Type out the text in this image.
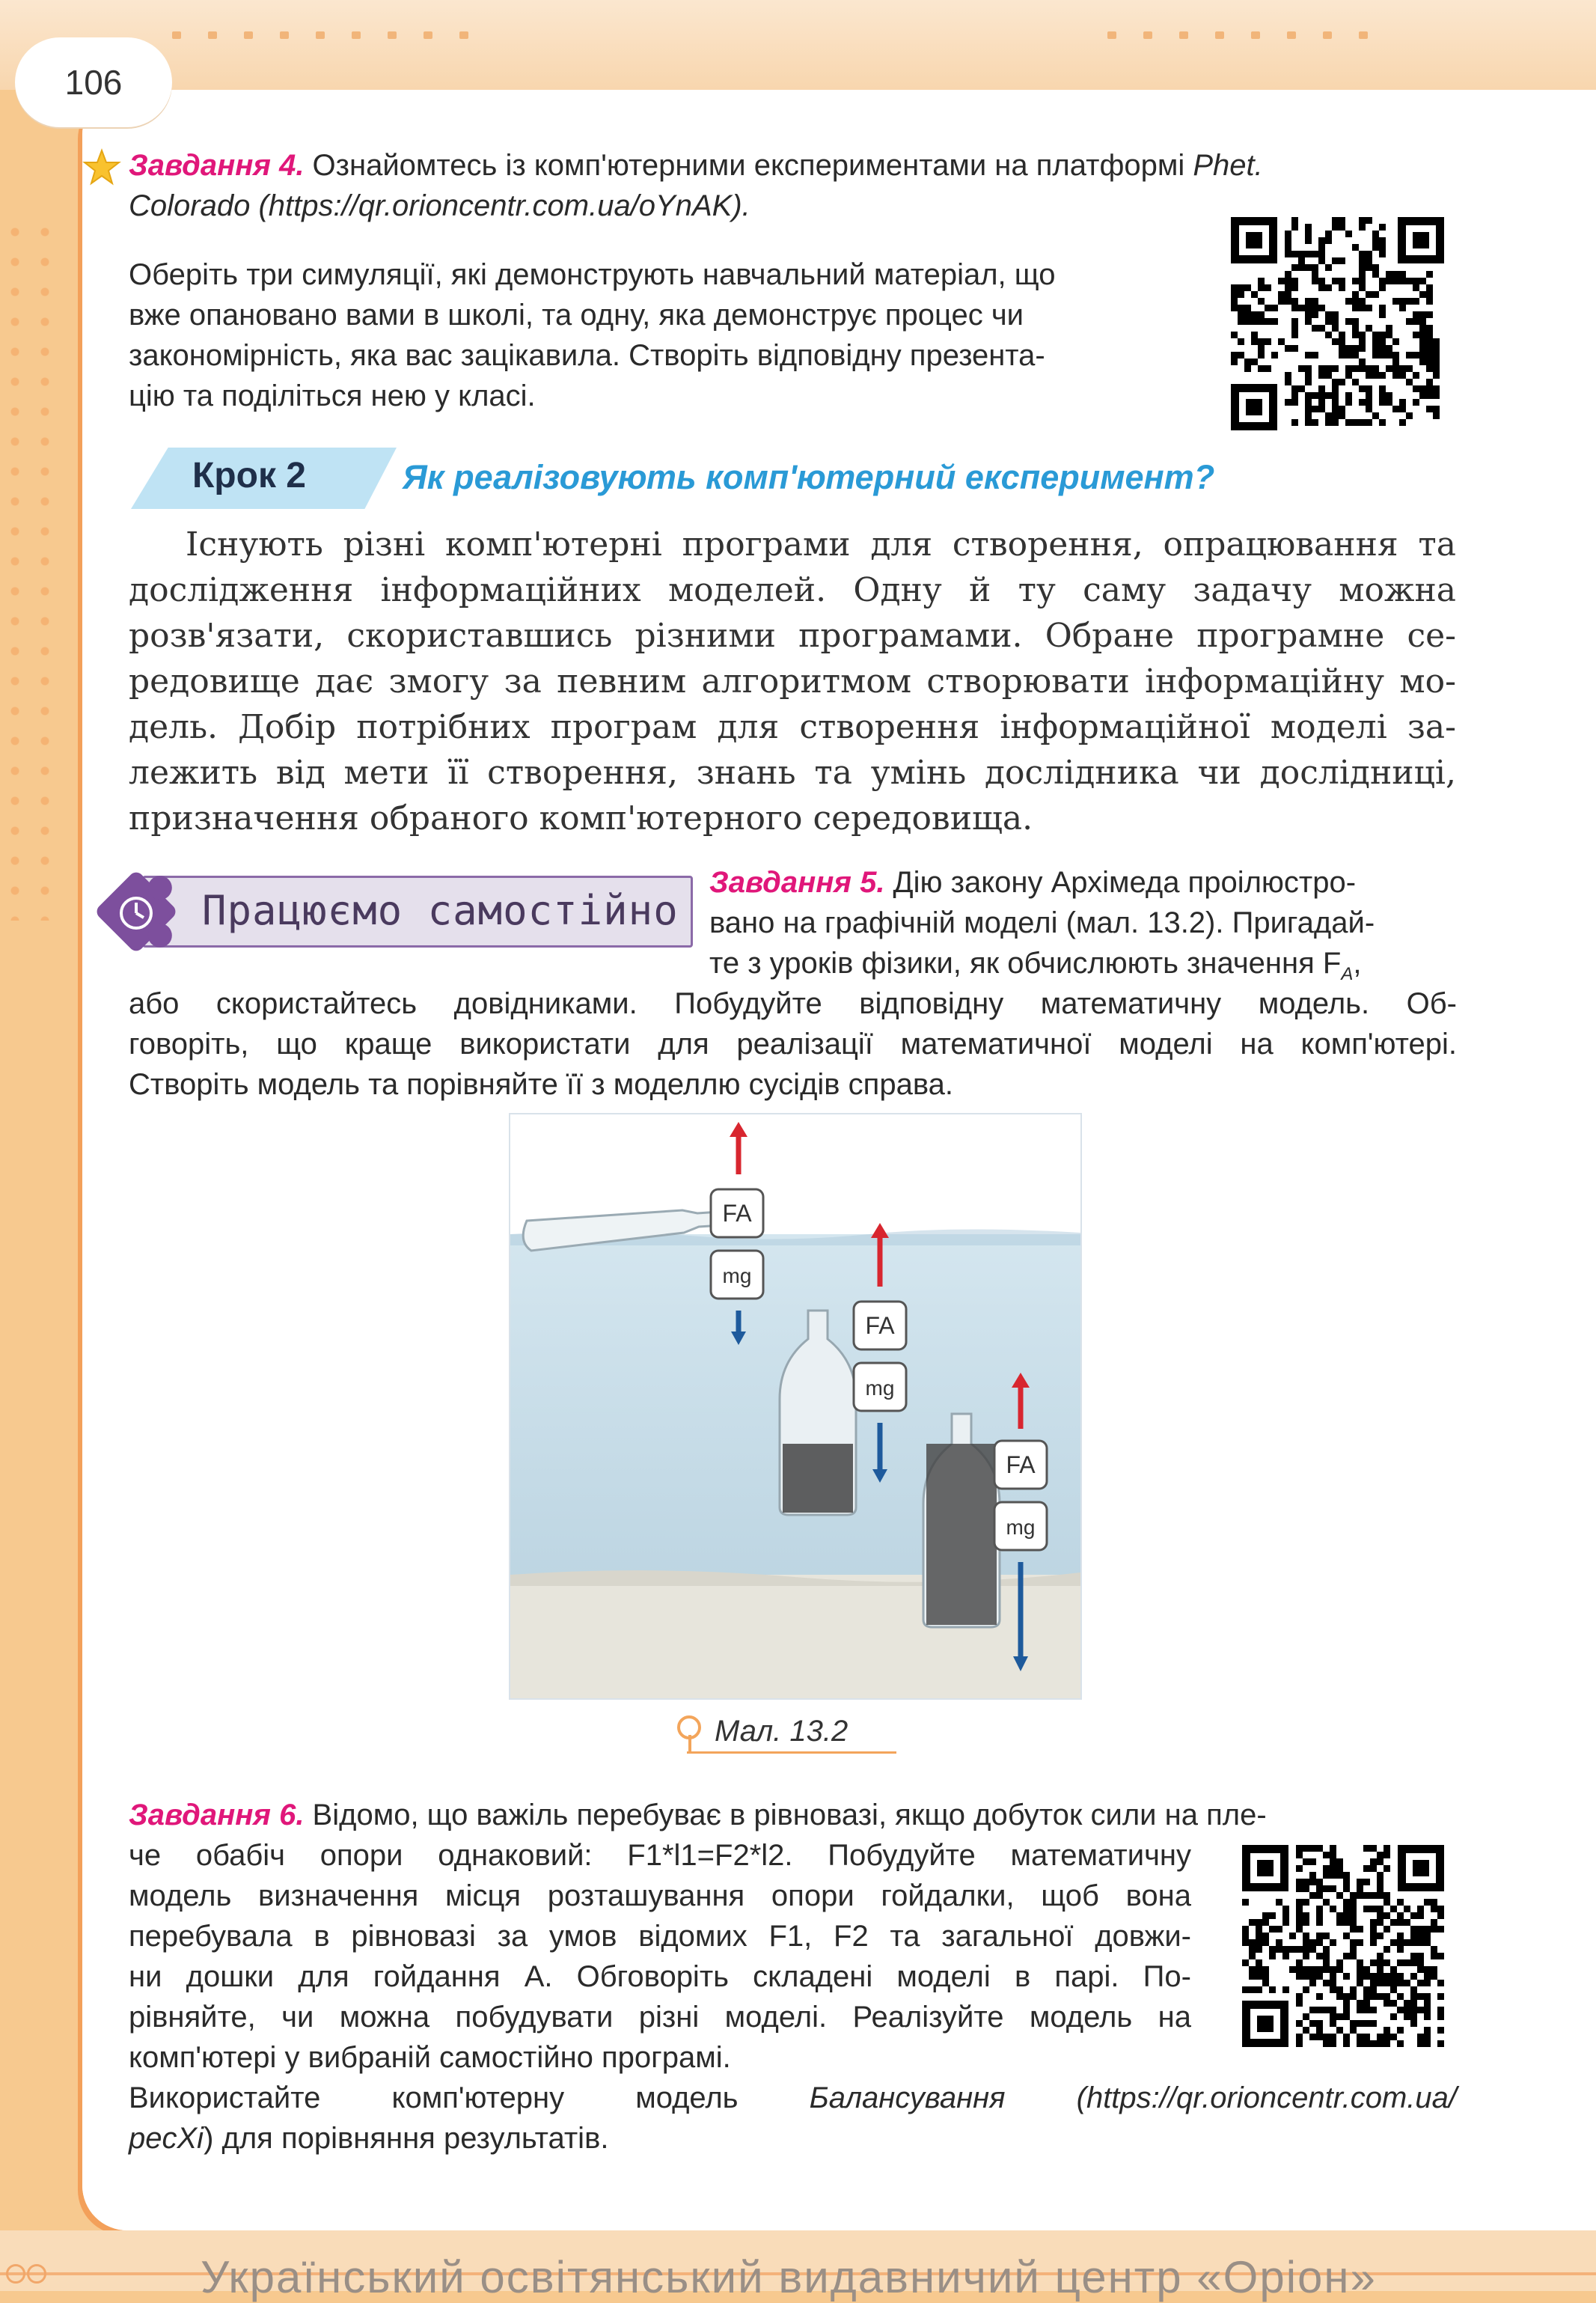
106
Завдання 4. Ознайомтесь із комп'ютерними експериментами на платформі Phet.
Colorado (https://qr.orioncentr.com.ua/oYnAK).
Оберіть три симуляції, які демонструють навчальний матеріал, що
вже опановано вами в школі, та одну, яка демонструє процес чи
закономірність, яка вас зацікавила. Створіть відповідну презента-
цію та поділіться нею у класі.
Крок 2	Як реалізовують комп'ютерний експеримент?
Існують різні комп'ютерні програми для створення, опрацювання та
дослідження інформаційних моделей. Одну й ту саму задачу можна
розв'язати, скориставшись різними програмами. Обране програмне се-
редовище дає змогу за певним алгоритмом створювати інформаційну мо-
дель. Добір потрібних програм для створення інформаційної моделі за-
лежить від мети її створення, знань та умінь дослідника чи дослідниці,
призначення обраного комп'ютерного середовища.
Працюємо самостійно
Завдання 5. Дію закону Архімеда проілюстро-
вано на графічній моделі (мал. 13.2). Пригадай-
те з уроків фізики, як обчислюють значення $F_A$,
або скористайтесь довідниками. Побудуйте відповідну математичну модель. Об-
говоріть, що краще використати для реалізації математичної моделі на комп'ютері.
Створіть модель та порівняйте її з моделлю сусідів справа.
FA
mg
FA
mg
FA
mg
Мал. 13.2
Завдання 6. Відомо, що важіль перебуває в рівновазі, якщо добуток сили на пле-
че обабіч опори однаковий: F1*l1=F2*l2. Побудуйте математичну
модель визначення місця розташування опори гойдалки, щоб вона
перебувала в рівновазі за умов відомих F1, F2 та загальної довжи-
ни дошки для гойдання A. Обговоріть складені моделі в парі. По-
рівняйте, чи можна побудувати різні моделі. Реалізуйте модель на
комп'ютері у вибраній самостійно програмі.
Використайте комп'ютерну модель Балансування (https://qr.orioncentr.com.ua/
pecXi) для порівняння результатів.
Український освітянський видавничий центр «Оріон»
